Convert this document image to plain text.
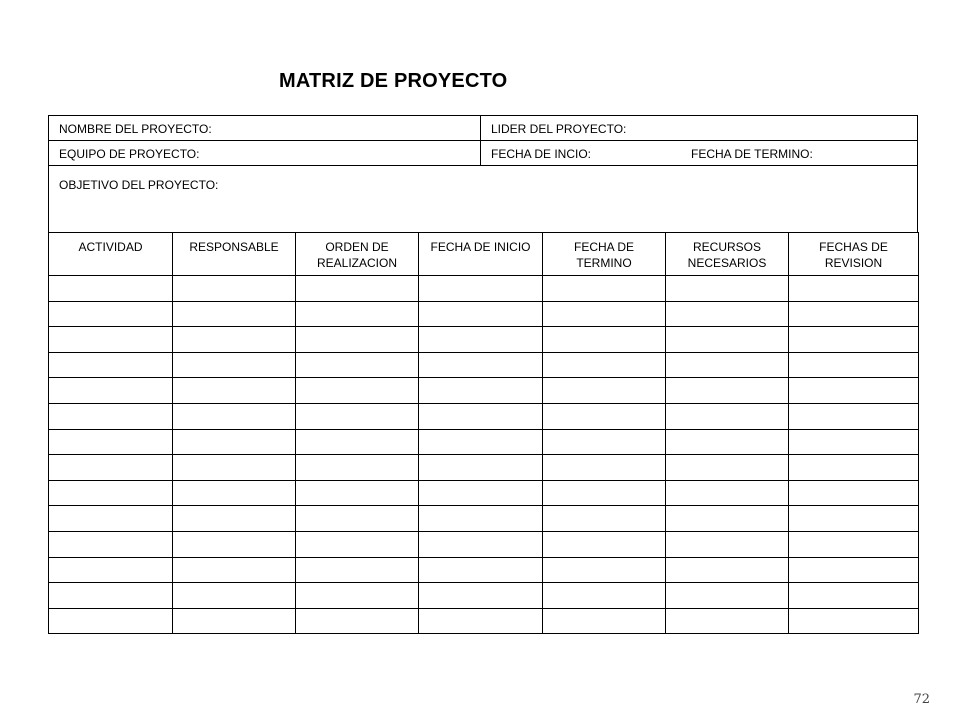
MATRIZ DE PROYECTO
NOMBRE DEL PROYECTO:	LIDER DEL PROYECTO:
EQUIPO DE PROYECTO:	FECHA DE INCIO:	FECHA DE TERMINO:
OBJETIVO DEL PROYECTO:
ACTIVIDAD	RESPONSABLE	ORDEN DE REALIZACION	FECHA DE INICIO	FECHA DE TERMINO	RECURSOS NECESARIOS	FECHAS DE REVISION

72
